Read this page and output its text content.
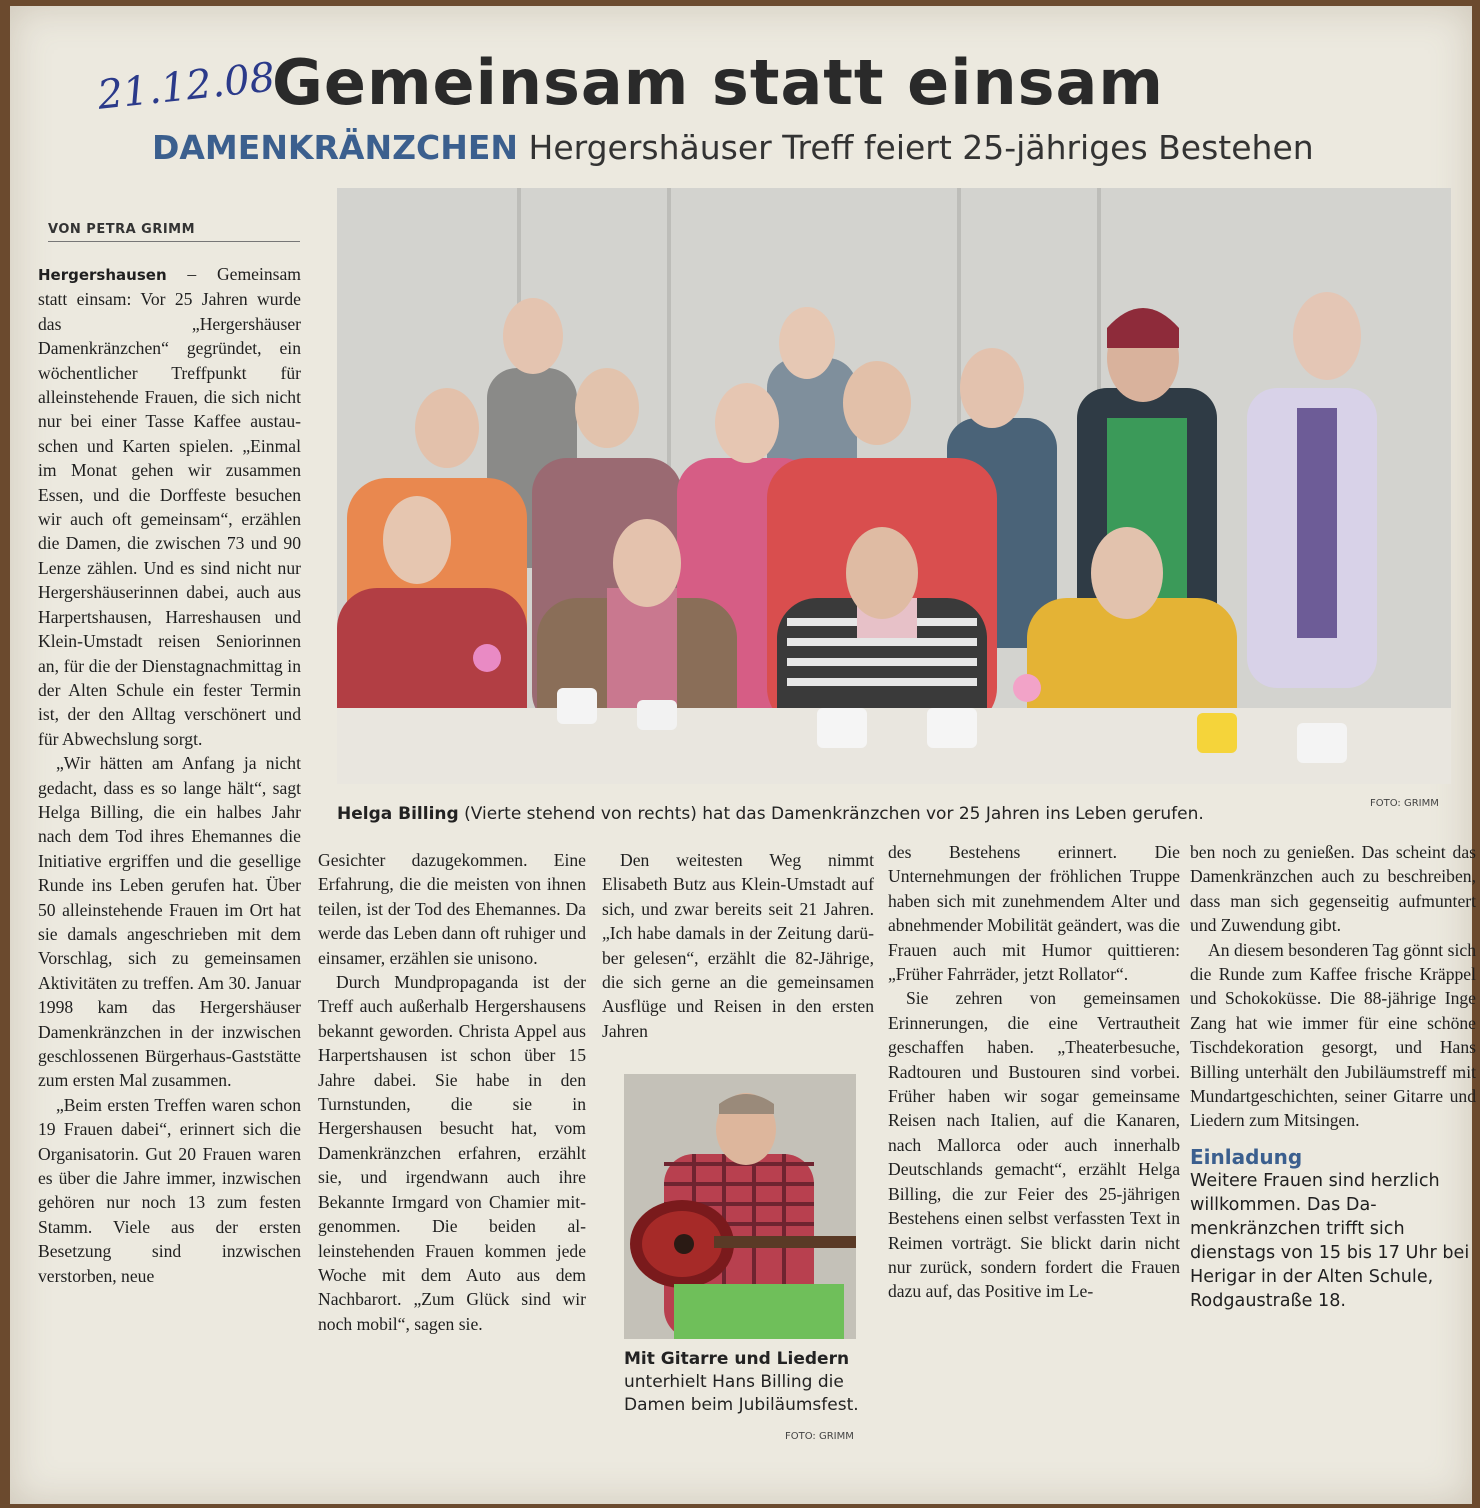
21.12.08
Gemeinsam statt einsam
DAMENKRÄNZCHEN Hergershäuser Treff feiert 25-jähriges Bestehen
VON PETRA GRIMM
Helga Billing (Vierte stehend von rechts) hat das Damenkränzchen vor 25 Jahren ins Leben gerufen.
FOTO: GRIMM

Hergershausen – Gemeinsam statt einsam: Vor 25 Jahren wurde das „Hergershäuser Damenkränzchen“ gegründet, ein wöchentlicher Treffpunkt für alleinstehende Frauen, die sich nicht nur bei einer Tasse Kaffee austauschen und Karten spielen. „Einmal im Monat gehen wir zusammen Essen, und die Dorffeste besuchen wir auch oft gemeinsam“, erzählen die Damen, die zwischen 73 und 90 Lenze zählen. Und es sind nicht nur Hergershäuserinnen dabei, auch aus Harpertshausen, Harreshausen und Klein-Umstadt reisen Seniorinnen an, für die der Dienstagnachmittag in der Alten Schule ein fester Termin ist, der den Alltag verschönert und für Abwechslung sorgt.

„Wir hätten am Anfang ja nicht gedacht, dass es so lange hält“, sagt Helga Billing, die ein halbes Jahr nach dem Tod ihres Ehemannes die Initiative ergriffen und die gesellige Runde ins Leben gerufen hat. Über 50 alleinstehende Frauen im Ort hat sie damals angeschrieben mit dem Vorschlag, sich zu gemeinsamen Aktivitäten zu treffen. Am 30. Januar 1998 kam das Hergershäuser Damenkränzchen in der inzwischen geschlossenen Bürgerhaus-Gaststätte zum ersten Mal zusammen.

„Beim ersten Treffen waren schon 19 Frauen dabei“, erinnert sich die Organisatorin. Gut 20 Frauen waren es über die Jahre immer, inzwischen gehören nur noch 13 zum festen Stamm. Viele aus der ersten Besetzung sind inzwischen verstorben, neue

Gesichter dazugekommen. Eine Erfahrung, die die meisten von ihnen teilen, ist der Tod des Ehemannes. Da werde das Leben dann oft ruhiger und einsamer, erzählen sie unisono.

Durch Mundpropaganda ist der Treff auch außerhalb Hergershausens bekannt geworden. Christa Appel aus Harpertshausen ist schon über 15 Jahre dabei. Sie habe in den Turnstunden, die sie in Hergershausen besucht hat, vom Damenkränzchen erfahren, erzählt sie, und irgendwann auch ihre Bekannte Irmgard von Chamier mitgenommen. Die beiden alleinstehenden Frauen kommen jede Woche mit dem Auto aus dem Nachbarort. „Zum Glück sind wir noch mobil“, sagen sie.

Den weitesten Weg nimmt Elisabeth Butz aus Klein-Umstadt auf sich, und zwar bereits seit 21 Jahren. „Ich habe damals in der Zeitung darüber gelesen“, erzählt die 82-Jährige, die sich gerne an die gemeinsamen Ausflüge und Reisen in den ersten Jahren

Mit Gitarre und Liedern unterhielt Hans Billing die Damen beim Jubiläumsfest.
FOTO: GRIMM

des Bestehens erinnert. Die Unternehmungen der fröhlichen Truppe haben sich mit zunehmendem Alter und abnehmender Mobilität geändert, was die Frauen auch mit Humor quittieren: „Früher Fahrräder, jetzt Rollator“.

Sie zehren von gemeinsamen Erinnerungen, die eine Vertrautheit geschaffen haben. „Theaterbesuche, Radtouren und Bustouren sind vorbei. Früher haben wir sogar gemeinsame Reisen nach Italien, auf die Kanaren, nach Mallorca oder auch innerhalb Deutschlands gemacht“, erzählt Helga Billing, die zur Feier des 25-jährigen Bestehens einen selbst verfassten Text in Reimen vorträgt. Sie blickt darin nicht nur zurück, sondern fordert die Frauen dazu auf, das Positive im Le-

ben noch zu genießen. Das scheint das Damenkränzchen auch zu beschreiben, dass man sich gegenseitig aufmuntert und Zuwendung gibt.

An diesem besonderen Tag gönnt sich die Runde zum Kaffee frische Kräppel und Schokoküsse. Die 88-jährige Inge Zang hat wie immer für eine schöne Tischdekoration gesorgt, und Hans Billing unterhält den Jubiläumstreff mit Mundartgeschichten, seiner Gitarre und Liedern zum Mitsingen.

Einladung
Weitere Frauen sind herzlich willkommen. Das Damenkränzchen trifft sich dienstags von 15 bis 17 Uhr bei Herigar in der Alten Schule, Rodgaustraße 18.
